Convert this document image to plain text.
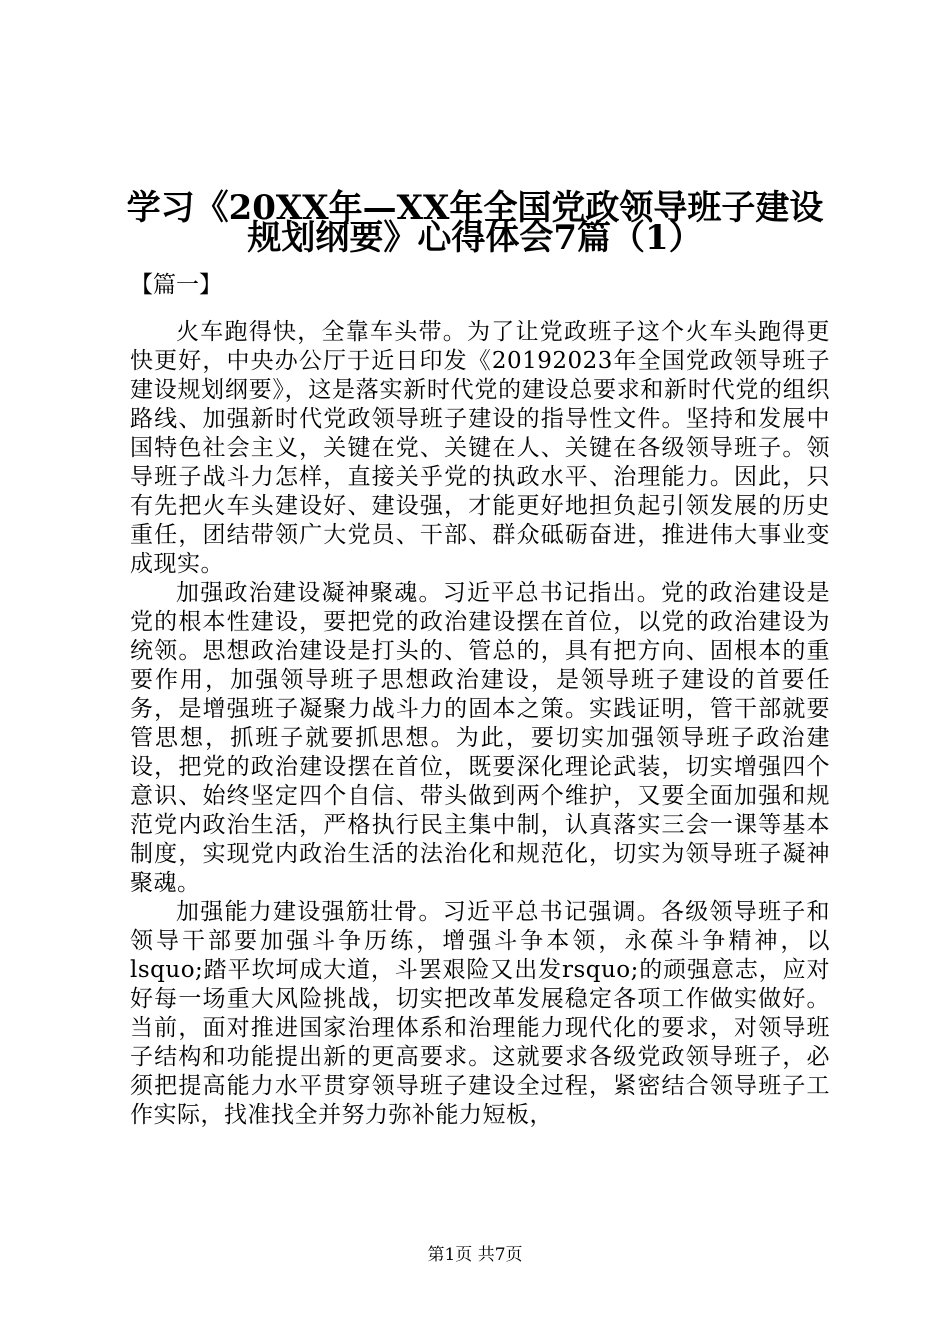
学习《20XX年—XX年全国党政领导班子建设
规划纲要》心得体会7篇（1）
【篇一】

火车跑得快，全靠车头带。为了让党政班子这个火车头跑得更快更好，中央办公厅于近日印发《20192023年全国党政领导班子建设规划纲要》，这是落实新时代党的建设总要求和新时代党的组织路线、加强新时代党政领导班子建设的指导性文件。坚持和发展中国特色社会主义，关键在党、关键在人、关键在各级领导班子。领导班子战斗力怎样，直接关乎党的执政水平、治理能力。因此，只有先把火车头建设好、建设强，才能更好地担负起引领发展的历史重任，团结带领广大党员、干部、群众砥砺奋进，推进伟大事业变成现实。

加强政治建设凝神聚魂。习近平总书记指出。党的政治建设是党的根本性建设，要把党的政治建设摆在首位，以党的政治建设为统领。思想政治建设是打头的、管总的，具有把方向、固根本的重要作用，加强领导班子思想政治建设，是领导班子建设的首要任务，是增强班子凝聚力战斗力的固本之策。实践证明，管干部就要管思想，抓班子就要抓思想。为此，要切实加强领导班子政治建设，把党的政治建设摆在首位，既要深化理论武装，切实增强四个意识、始终坚定四个自信、带头做到两个维护，又要全面加强和规范党内政治生活，严格执行民主集中制，认真落实三会一课等基本制度，实现党内政治生活的法治化和规范化，切实为领导班子凝神聚魂。

加强能力建设强筋壮骨。习近平总书记强调。各级领导班子和领导干部要加强斗争历练，增强斗争本领，永葆斗争精神，以lsquo;踏平坎坷成大道，斗罢艰险又出发rsquo;的顽强意志，应对好每一场重大风险挑战，切实把改革发展稳定各项工作做实做好。当前，面对推进国家治理体系和治理能力现代化的要求，对领导班子结构和功能提出新的更高要求。这就要求各级党政领导班子，必须把提高能力水平贯穿领导班子建设全过程，紧密结合领导班子工作实际，找准找全并努力弥补能力短板，

第1页 共7页
